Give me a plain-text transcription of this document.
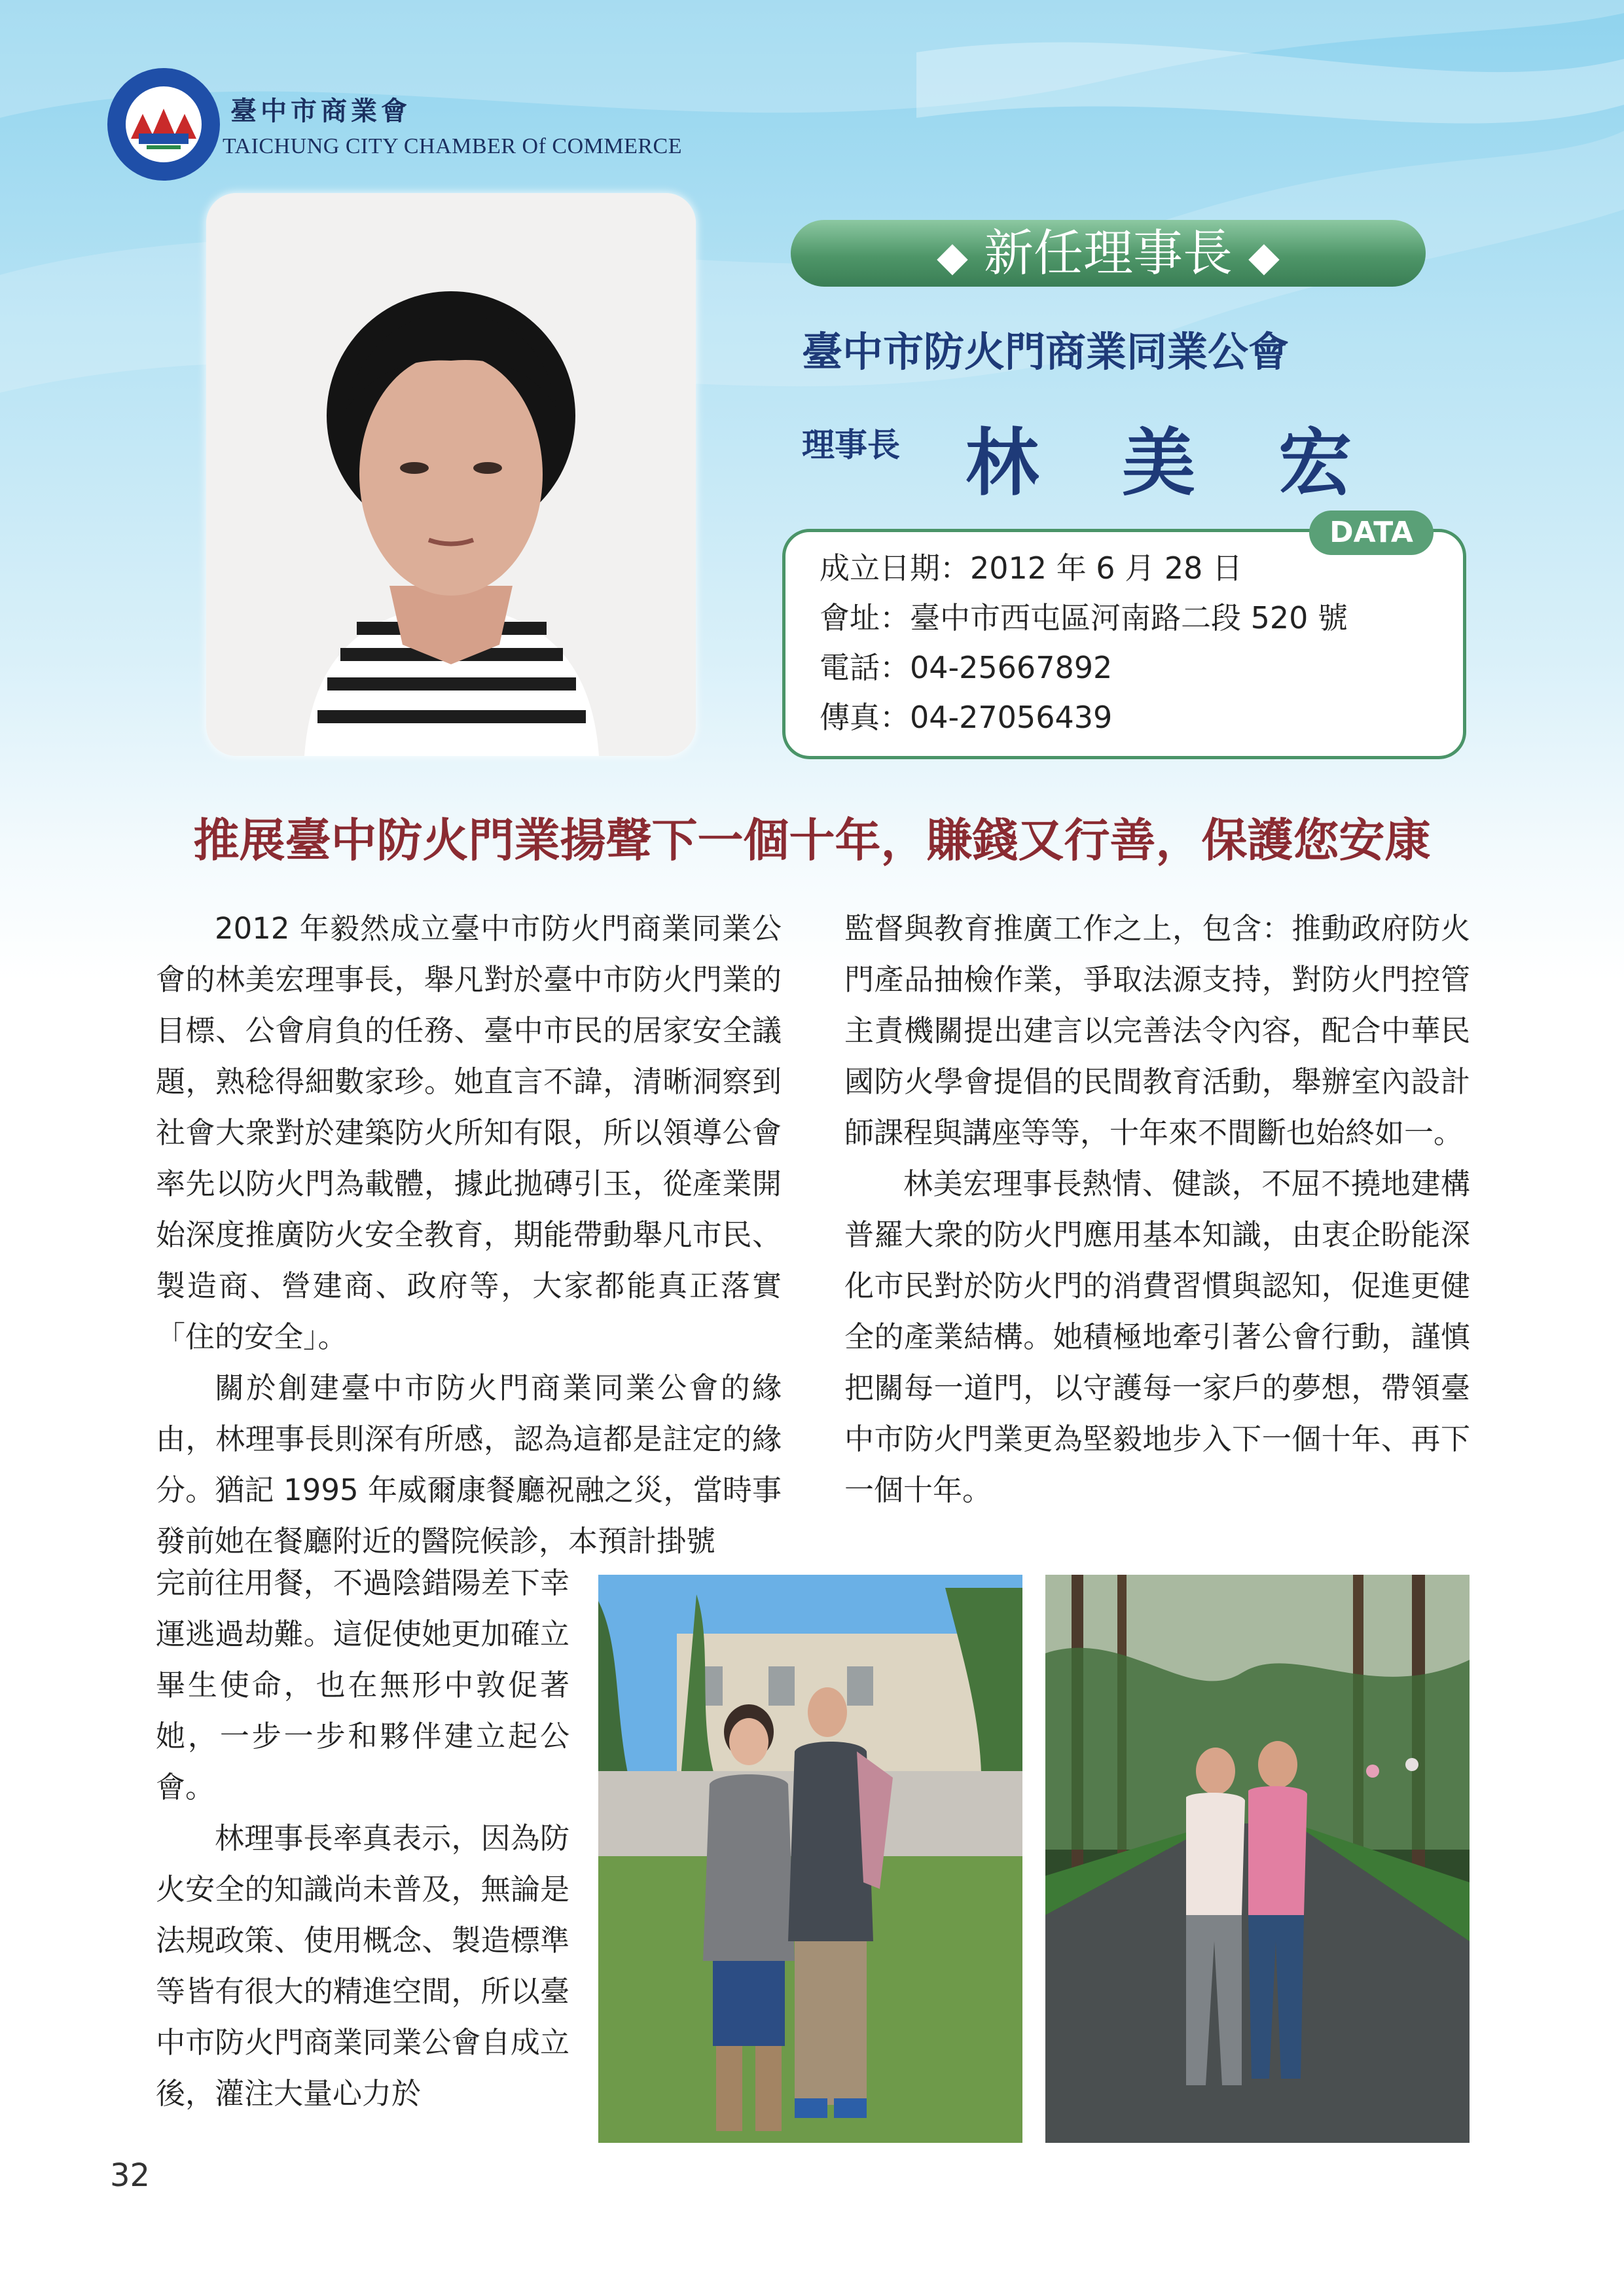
臺中市商業會
TAICHUNG CITY CHAMBER Of COMMERCE
◆ 新任理事長 ◆
臺中市防火門商業同業公會
理事長 林 美 宏
DATA
成立日期：2012 年 6 月 28 日
會址：臺中市西屯區河南路二段 520 號
電話：04-25667892
傳真：04-27056439
推展臺中防火門業揚聲下一個十年，賺錢又行善，保護您安康

2012 年毅然成立臺中市防火門商業同業公會的林美宏理事長，舉凡對於臺中市防火門業的目標、公會肩負的任務、臺中市民的居家安全議題，熟稔得細數家珍。她直言不諱，清晰洞察到社會大衆對於建築防火所知有限，所以領導公會率先以防火門為載體，據此拋磚引玉，從產業開始深度推廣防火安全教育，期能帶動舉凡市民、製造商、營建商、政府等，大家都能真正落實「住的安全」。

關於創建臺中市防火門商業同業公會的緣由，林理事長則深有所感，認為這都是註定的緣分。猶記 1995 年威爾康餐廳祝融之災，當時事發前她在餐廳附近的醫院候診，本預計掛號

完前往用餐，不過陰錯陽差下幸運逃過劫難。這促使她更加確立畢生使命，也在無形中敦促著她，一步一步和夥伴建立起公會。

林理事長率真表示，因為防火安全的知識尚未普及，無論是法規政策、使用概念、製造標準等皆有很大的精進空間，所以臺中市防火門商業同業公會自成立後，灌注大量心力於

監督與教育推廣工作之上，包含：推動政府防火門產品抽檢作業，爭取法源支持，對防火門控管主責機關提出建言以完善法令內容，配合中華民國防火學會提倡的民間教育活動，舉辦室內設計師課程與講座等等，十年來不間斷也始終如一。

林美宏理事長熱情、健談，不屈不撓地建構普羅大衆的防火門應用基本知識，由衷企盼能深化市民對於防火門的消費習慣與認知，促進更健全的產業結構。她積極地牽引著公會行動，謹慎把關每一道門，以守護每一家戶的夢想，帶領臺中市防火門業更為堅毅地步入下一個十年、再下一個十年。

32
